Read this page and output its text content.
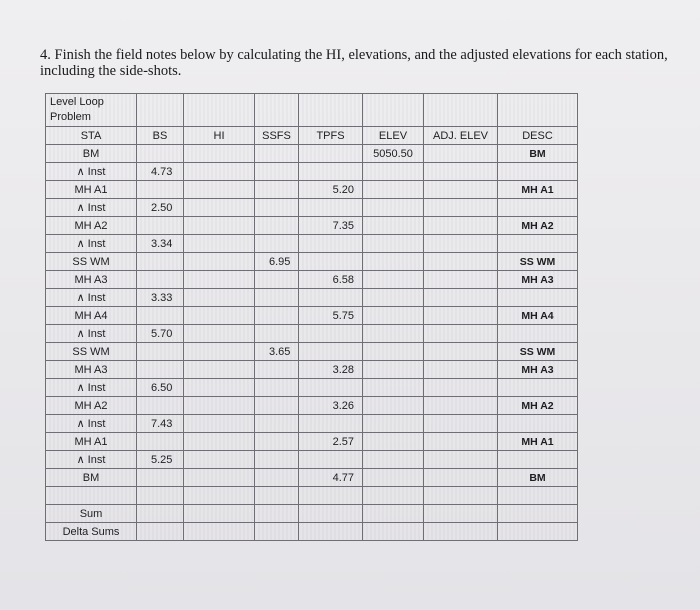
4. Finish the field notes below by calculating the HI, elevations, and the adjusted elevations for each station, including the side-shots.
Level Loop
Problem							

STA	BS	HI	SSFS	TPFS	ELEV	ADJ. ELEV	DESC
BM					5050.50		BM
∧ Inst	4.73						
MH A1				5.20			MH A1
∧ Inst	2.50						
MH A2				7.35			MH A2
∧ Inst	3.34						
SS WM			6.95				SS WM
MH A3				6.58			MH A3
∧ Inst	3.33						
MH A4				5.75			MH A4
∧ Inst	5.70						
SS WM			3.65				SS WM
MH A3				3.28			MH A3
∧ Inst	6.50						
MH A2				3.26			MH A2
∧ Inst	7.43						
MH A1				2.57			MH A1
∧ Inst	5.25						
BM				4.77			BM

Sum							
Delta Sums							
